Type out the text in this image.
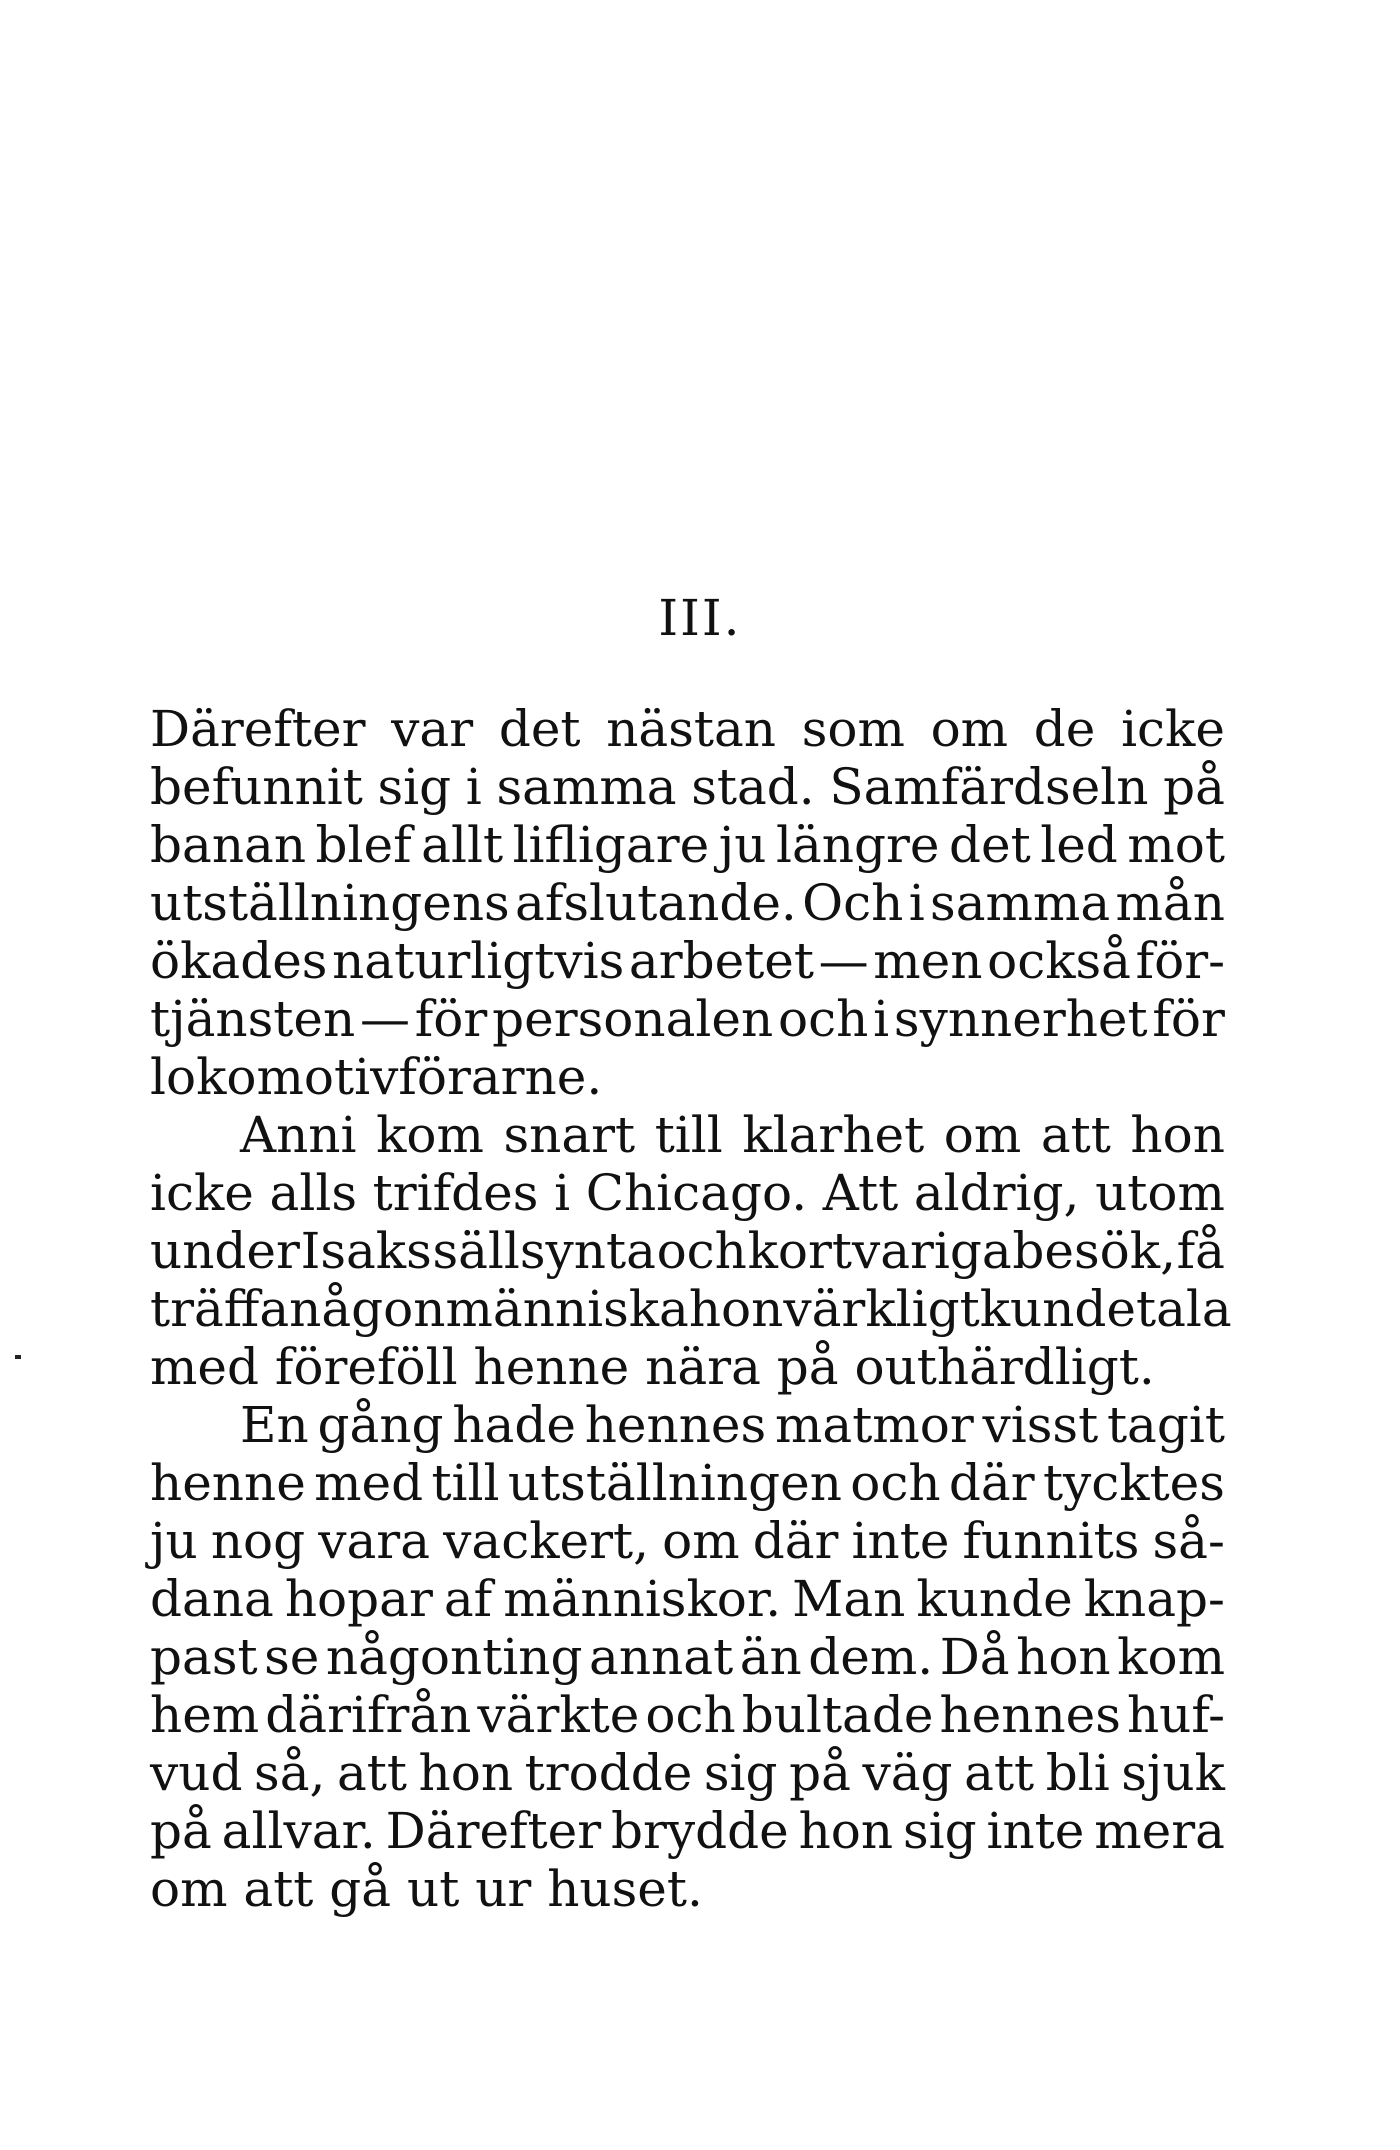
III.
Därefter var det nästan som om de icke
befunnit sig i samma stad. Samfärdseln på
banan blef allt lifligare ju längre det led mot
utställningens afslutande. Och i samma mån
ökades naturligtvis arbetet — men också för-
tjänsten — för personalen och i synnerhet för
lokomotivförarne.
Anni kom snart till klarhet om att hon
icke alls trifdes i Chicago. Att aldrig, utom
under Isaks sällsynta och kortvariga besök, få
träffa någon människa hon värkligt kunde tala
med föreföll henne nära på outhärdligt.
En gång hade hennes matmor visst tagit
henne med till utställningen och där tycktes
ju nog vara vackert, om där inte funnits så-
dana hopar af människor. Man kunde knap-
past se någonting annat än dem. Då hon kom
hem därifrån värkte och bultade hennes huf-
vud så, att hon trodde sig på väg att bli sjuk
på allvar. Därefter brydde hon sig inte mera
om att gå ut ur huset.
